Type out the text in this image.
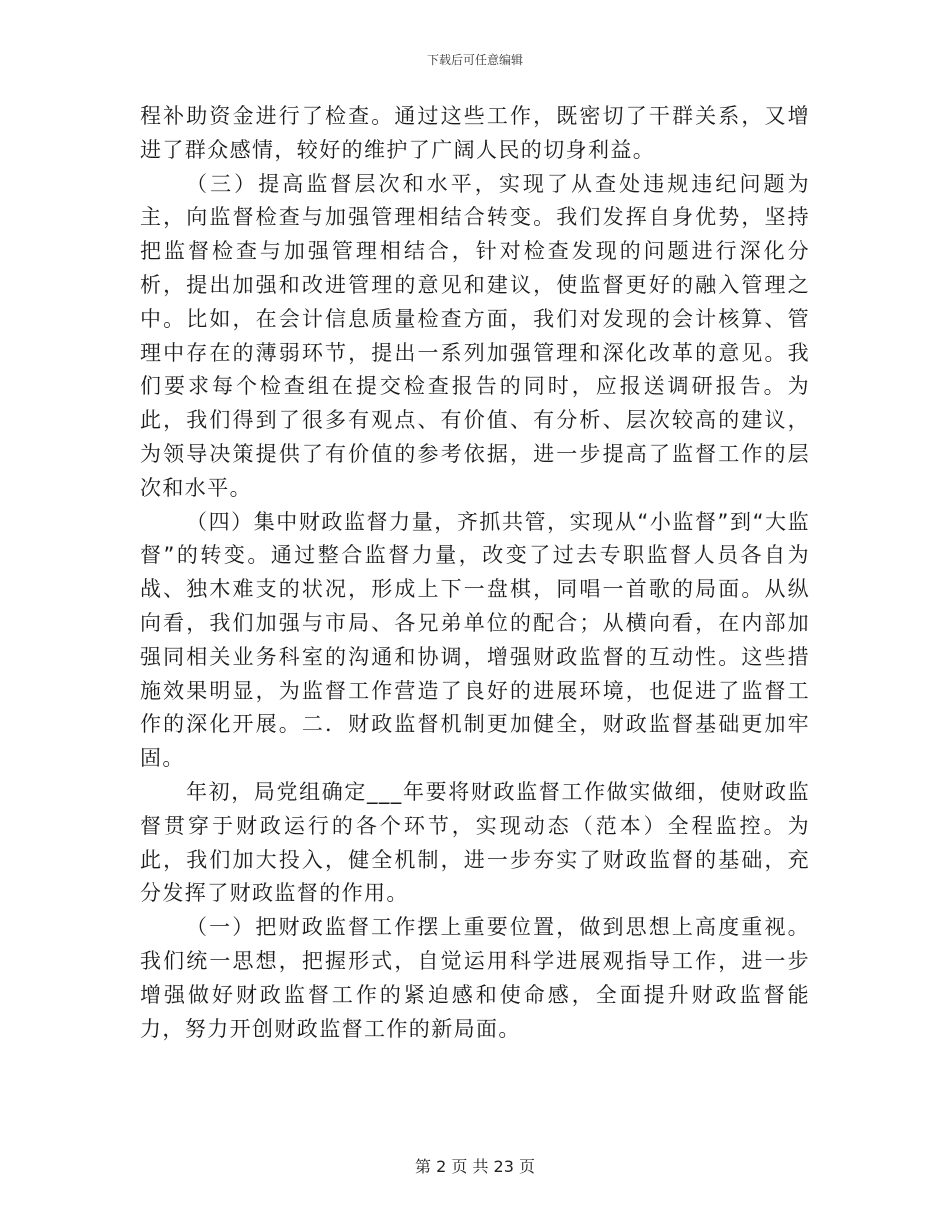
下载后可任意编辑

程补助资金进行了检查。通过这些工作，既密切了干群关系，又增进了群众感情，较好的维护了广阔人民的切身利益。

（三）提高监督层次和水平，实现了从查处违规违纪问题为主，向监督检查与加强管理相结合转变。我们发挥自身优势，坚持把监督检查与加强管理相结合，针对检查发现的问题进行深化分析，提出加强和改进管理的意见和建议，使监督更好的融入管理之中。比如，在会计信息质量检查方面，我们对发现的会计核算、管理中存在的薄弱环节，提出一系列加强管理和深化改革的意见。我们要求每个检查组在提交检查报告的同时，应报送调研报告。为此，我们得到了很多有观点、有价值、有分析、层次较高的建议，为领导决策提供了有价值的参考依据，进一步提高了监督工作的层次和水平。

（四）集中财政监督力量，齐抓共管，实现从“小监督”到“大监督”的转变。通过整合监督力量，改变了过去专职监督人员各自为战、独木难支的状况，形成上下一盘棋，同唱一首歌的局面。从纵向看，我们加强与市局、各兄弟单位的配合；从横向看，在内部加强同相关业务科室的沟通和协调，增强财政监督的互动性。这些措施效果明显，为监督工作营造了良好的进展环境，也促进了监督工作的深化开展。二．财政监督机制更加健全，财政监督基础更加牢固。

年初，局党组确定___年要将财政监督工作做实做细，使财政监督贯穿于财政运行的各个环节，实现动态（范本）全程监控。为此，我们加大投入，健全机制，进一步夯实了财政监督的基础，充分发挥了财政监督的作用。

（一）把财政监督工作摆上重要位置，做到思想上高度重视。我们统一思想，把握形式，自觉运用科学进展观指导工作，进一步增强做好财政监督工作的紧迫感和使命感，全面提升财政监督能力，努力开创财政监督工作的新局面。

第 2 页 共 23 页
